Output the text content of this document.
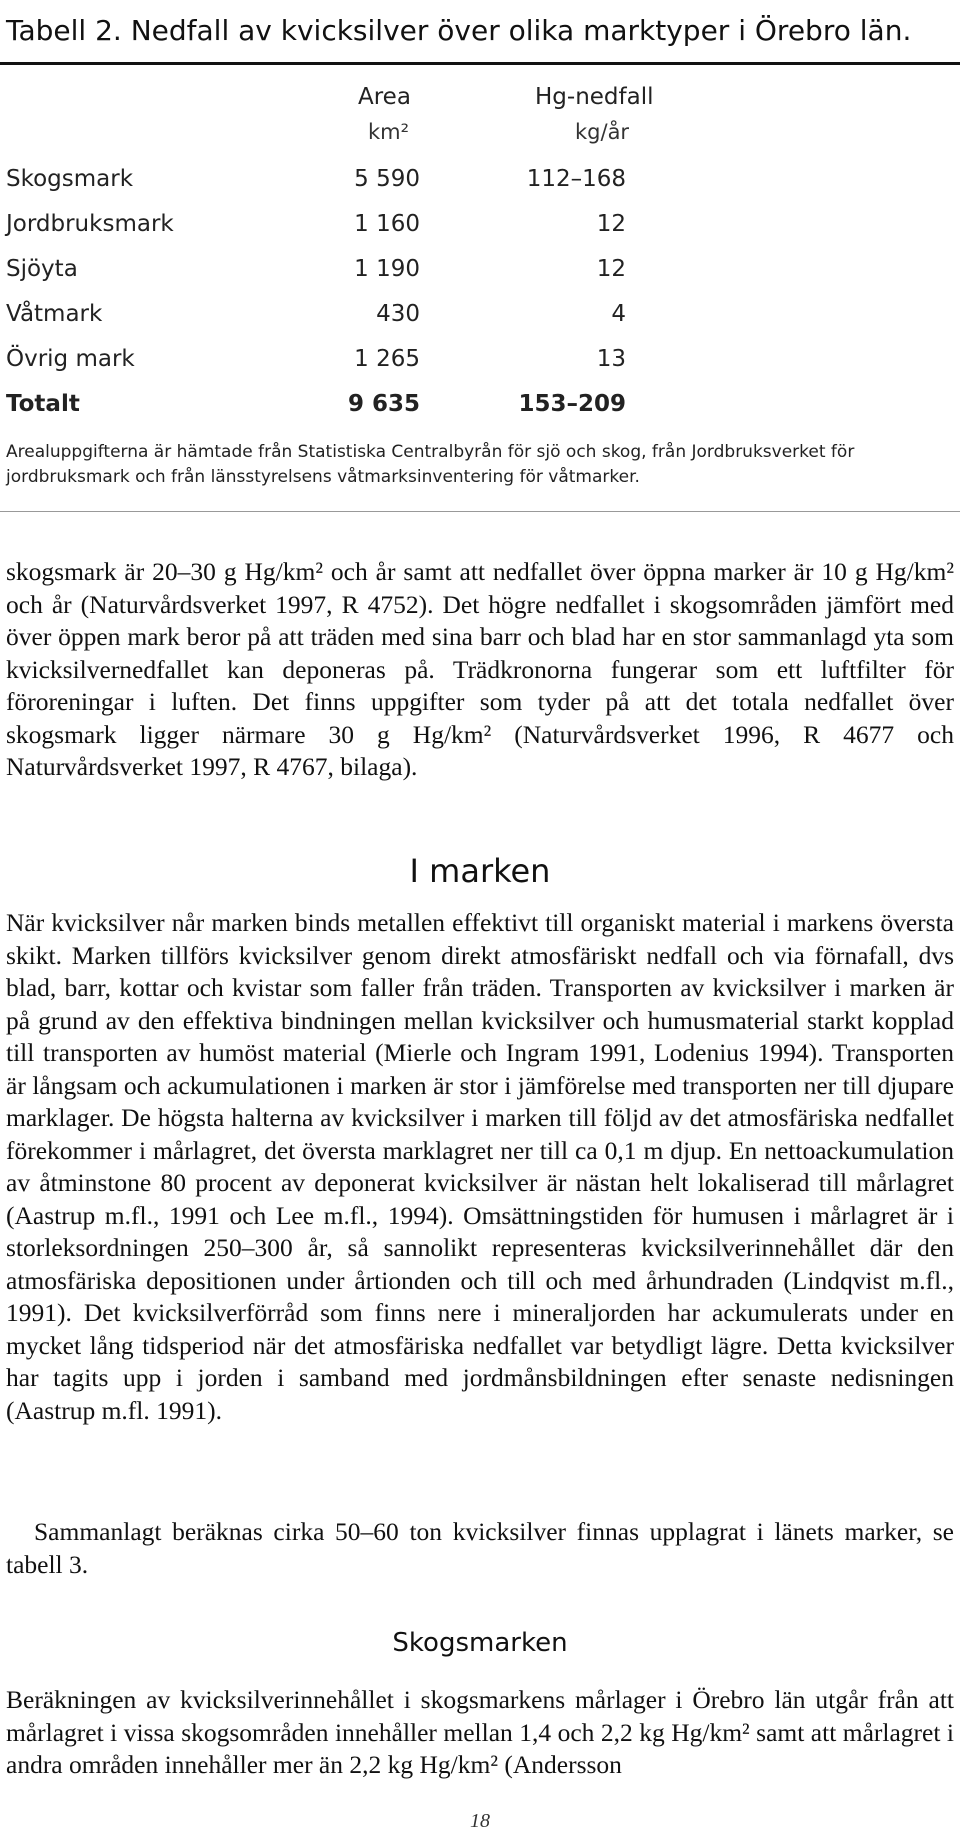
Tabell 2. Nedfall av kvicksilver över olika marktyper i Örebro län.
Area
km²
Hg-nedfall
kg/år
Skogsmark	5 590	112–168
Jordbruksmark	1 160	12
Sjöyta	1 190	12
Våtmark	430	4
Övrig mark	1 265	13
Totalt	9 635	153–209
Arealuppgifterna är hämtade från Statistiska Centralbyrån för sjö och skog, från Jordbruksverket för jordbruksmark och från länsstyrelsens våtmarksinventering för våtmarker.
skogsmark är 20–30 g Hg/km² och år samt att nedfallet över öppna marker är 10 g Hg/km² och år (Naturvårdsverket 1997, R 4752). Det högre nedfallet i skogsområden jämfört med över öppen mark beror på att träden med sina barr och blad har en stor sammanlagd yta som kvicksilvernedfallet kan deponeras på. Trädkronorna fungerar som ett luftfilter för föroreningar i luften. Det finns uppgifter som tyder på att det totala nedfallet över skogsmark ligger närmare 30 g Hg/km² (Naturvårdsverket 1996, R 4677 och Naturvårdsverket 1997, R 4767, bilaga).
I marken
När kvicksilver når marken binds metallen effektivt till organiskt material i markens översta skikt. Marken tillförs kvicksilver genom direkt atmosfäriskt nedfall och via förnafall, dvs blad, barr, kottar och kvistar som faller från träden. Transporten av kvicksilver i marken är på grund av den effektiva bindningen mellan kvicksilver och humusmaterial starkt kopplad till transporten av humöst material (Mierle och Ingram 1991, Lodenius 1994). Transporten är långsam och ackumulationen i marken är stor i jämförelse med transporten ner till djupare marklager. De högsta halterna av kvicksilver i marken till följd av det atmosfäriska nedfallet förekommer i mårlagret, det översta marklagret ner till ca 0,1 m djup. En nettoackumulation av åtminstone 80 procent av deponerat kvicksilver är nästan helt lokaliserad till mårlagret (Aastrup m.fl., 1991 och Lee m.fl., 1994). Omsättningstiden för humusen i mårlagret är i storleksordningen 250–300 år, så sannolikt representeras kvicksilverinnehållet där den atmosfäriska depositionen under årtionden och till och med århundraden (Lindqvist m.fl., 1991). Det kvicksilverförråd som finns nere i mineraljorden har ackumulerats under en mycket lång tidsperiod när det atmosfäriska nedfallet var betydligt lägre. Detta kvicksilver har tagits upp i jorden i samband med jordmånsbildningen efter senaste nedisningen (Aastrup m.fl. 1991).
Sammanlagt beräknas cirka 50–60 ton kvicksilver finnas upplagrat i länets marker, se tabell 3.
Skogsmarken
Beräkningen av kvicksilverinnehållet i skogsmarkens mårlager i Örebro län utgår från att mårlagret i vissa skogsområden innehåller mellan 1,4 och 2,2 kg Hg/km² samt att mårlagret i andra områden innehåller mer än 2,2 kg Hg/km² (Andersson
18
